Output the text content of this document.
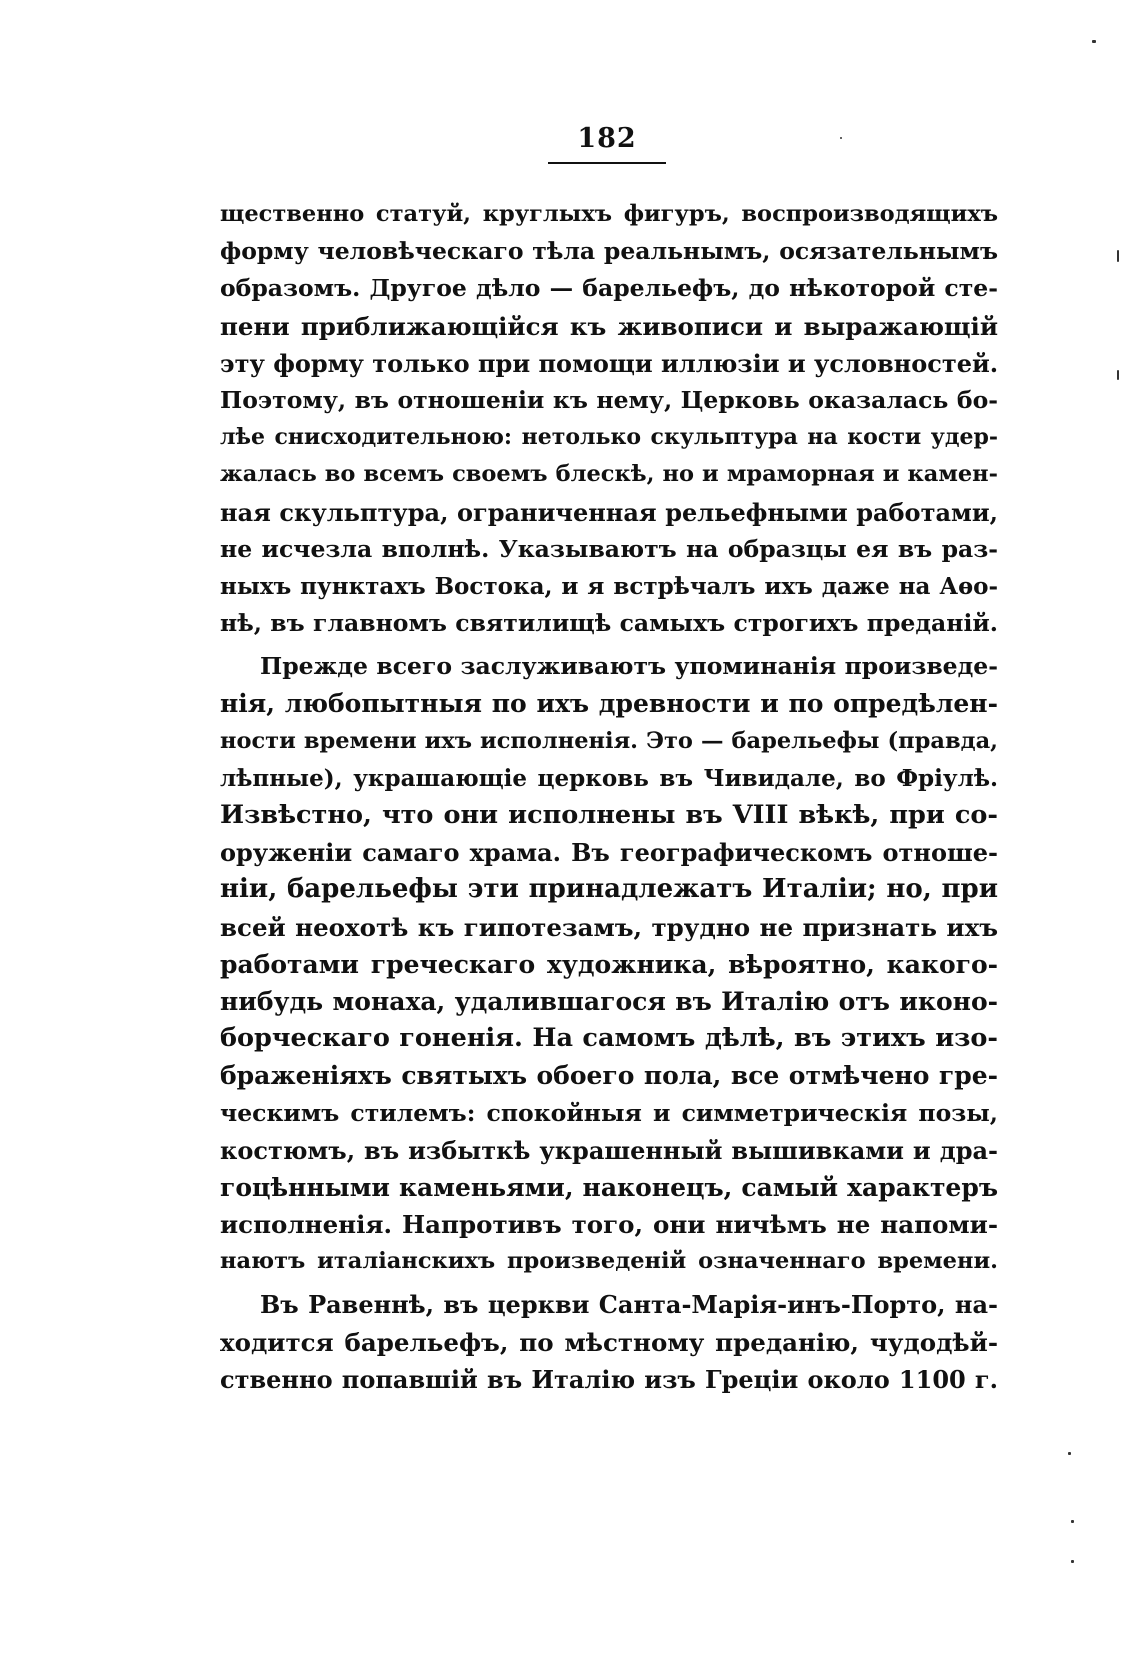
182
щественно статуй, круглыхъ фигуръ, воспроизводящихъ
форму человѣческаго тѣла реальнымъ, осязательнымъ
образомъ. Другое дѣло — барельефъ, до нѣкоторой сте-
пени приближающійся къ живописи и выражающій
эту форму только при помощи иллюзіи и условностей.
Поэтому, въ отношеніи къ нему, Церковь оказалась бо-
лѣе снисходительною: нетолько скульптура на кости удер-
жалась во всемъ своемъ блескѣ, но и мраморная и камен-
ная скульптура, ограниченная рельефными работами,
не исчезла вполнѣ. Указываютъ на образцы ея въ раз-
ныхъ пунктахъ Востока, и я встрѣчалъ ихъ даже на Аѳо-
нѣ, въ главномъ святилищѣ самыхъ строгихъ преданій.
Прежде всего заслуживаютъ упоминанія произведе-
нія, любопытныя по ихъ древности и по опредѣлен-
ности времени ихъ исполненія. Это — барельефы (правда,
лѣпные), украшающіе церковь въ Чивидале, во Фріулѣ.
Извѣстно, что они исполнены въ VIII вѣкѣ, при со-
оруженіи самаго храма. Въ географическомъ отноше-
ніи, барельефы эти принадлежатъ Италіи; но, при
всей неохотѣ къ гипотезамъ, трудно не признать ихъ
работами греческаго художника, вѣроятно, какого-
нибудь монаха, удалившагося въ Италію отъ иконо-
борческаго гоненія. На самомъ дѣлѣ, въ этихъ изо-
браженіяхъ святыхъ обоего пола, все отмѣчено гре-
ческимъ стилемъ: спокойныя и симметрическія позы,
костюмъ, въ избыткѣ украшенный вышивками и дра-
гоцѣнными каменьями, наконецъ, самый характеръ
исполненія. Напротивъ того, они ничѣмъ не напоми-
наютъ италіанскихъ произведеній означеннаго времени.
Въ Равеннѣ, въ церкви Санта-Марія-инъ-Порто, на-
ходится барельефъ, по мѣстному преданію, чудодѣй-
ственно попавшій въ Италію изъ Греціи около 1100 г.
